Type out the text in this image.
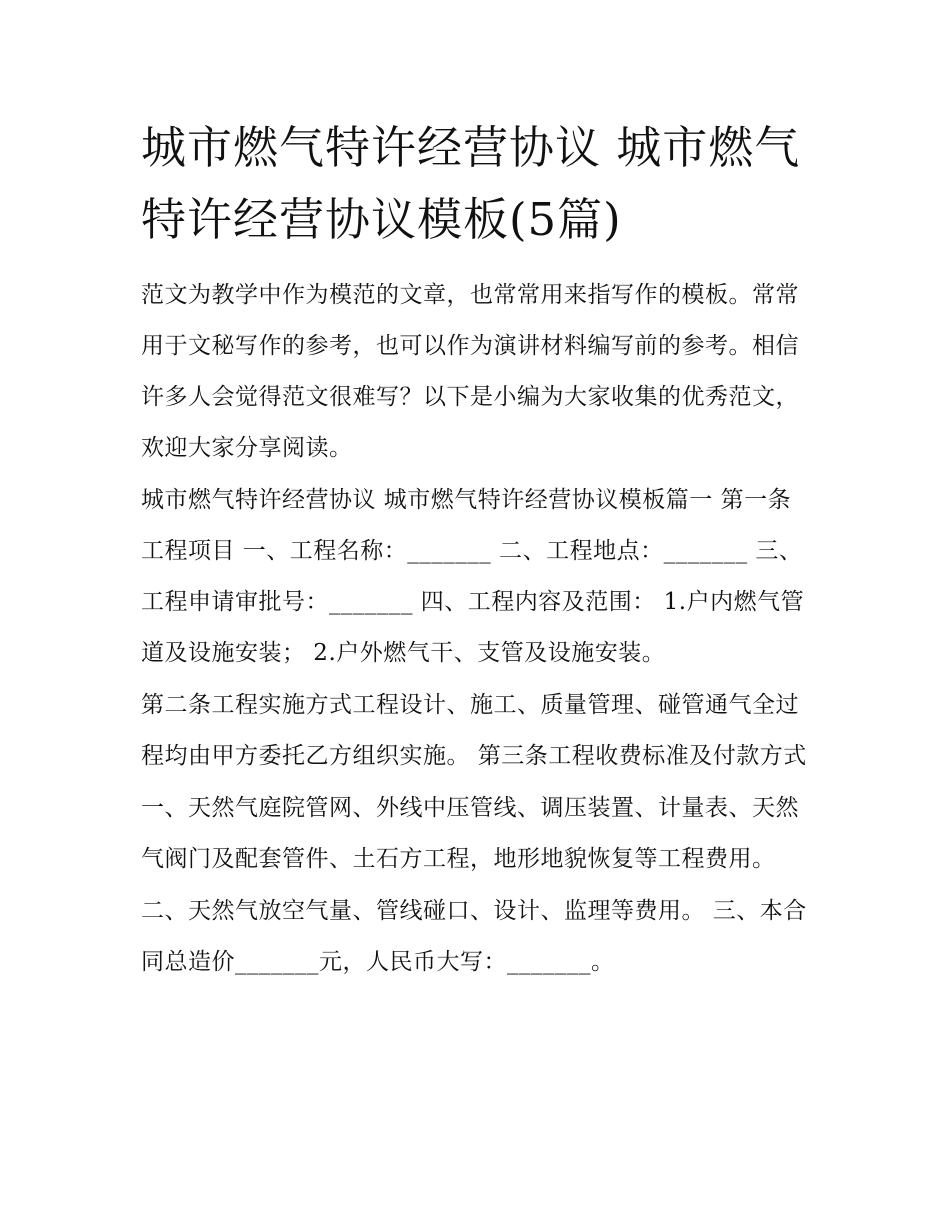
城市燃气特许经营协议 城市燃气特许经营协议模板(5篇)

范文为教学中作为模范的文章，也常常用来指写作的模板。常常用于文秘写作的参考，也可以作为演讲材料编写前的参考。相信许多人会觉得范文很难写？以下是小编为大家收集的优秀范文，欢迎大家分享阅读。

城市燃气特许经营协议 城市燃气特许经营协议模板篇一 第一条工程项目 一、工程名称：_______ 二、工程地点：_______ 三、工程申请审批号：_______ 四、工程内容及范围： 1.户内燃气管道及设施安装； 2.户外燃气干、支管及设施安装。

第二条工程实施方式工程设计、施工、质量管理、碰管通气全过程均由甲方委托乙方组织实施。 第三条工程收费标准及付款方式

一、天然气庭院管网、外线中压管线、调压装置、计量表、天然气阀门及配套管件、土石方工程，地形地貌恢复等工程费用。

二、天然气放空气量、管线碰口、设计、监理等费用。 三、本合同总造价_______元，人民币大写：_______。
